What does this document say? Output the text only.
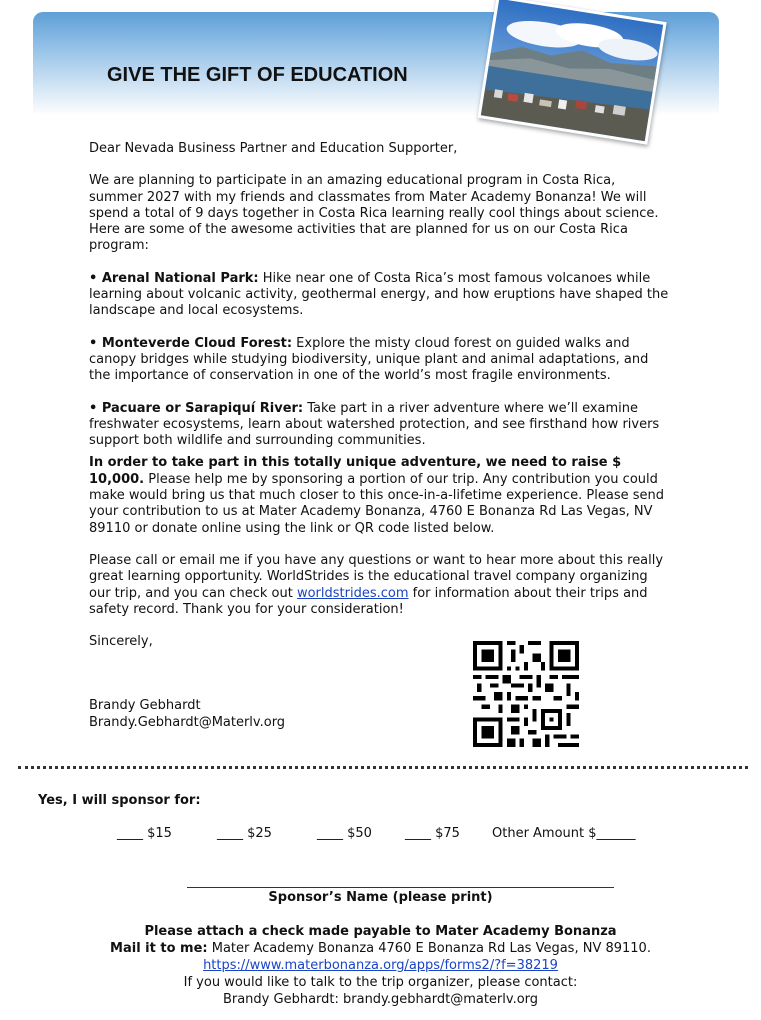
GIVE THE GIFT OF EDUCATION

Dear Nevada Business Partner and Education Supporter,

We are planning to participate in an amazing educational program in Costa Rica, summer 2027 with my friends and classmates from Mater Academy Bonanza! We will spend a total of 9 days together in Costa Rica learning really cool things about science. Here are some of the awesome activities that are planned for us on our Costa Rica program:

• Arenal National Park: Hike near one of Costa Rica’s most famous volcanoes while learning about volcanic activity, geothermal energy, and how eruptions have shaped the landscape and local ecosystems.

• Monteverde Cloud Forest: Explore the misty cloud forest on guided walks and canopy bridges while studying biodiversity, unique plant and animal adaptations, and the importance of conservation in one of the world’s most fragile environments.

• Pacuare or Sarapiquí River: Take part in a river adventure where we’ll examine freshwater ecosystems, learn about watershed protection, and see firsthand how rivers support both wildlife and surrounding communities.

In order to take part in this totally unique adventure, we need to raise $ 10,000. Please help me by sponsoring a portion of our trip. Any contribution you could make would bring us that much closer to this once-in-a-lifetime experience. Please send your contribution to us at Mater Academy Bonanza, 4760 E Bonanza Rd Las Vegas, NV 89110 or donate online using the link or QR code listed below.

Please call or email me if you have any questions or want to hear more about this really great learning opportunity. WorldStrides is the educational travel company organizing our trip, and you can check out worldstrides.com for information about their trips and safety record. Thank you for your consideration!

Sincerely,

Brandy Gebhardt
Brandy.Gebhardt@Materlv.org
Yes, I will sponsor for:
____ $15	____ $25	____ $50	____ $75 Other Amount $______
Sponsor’s Name (please print)
Please attach a check made payable to Mater Academy Bonanza
Mail it to me: Mater Academy Bonanza 4760 E Bonanza Rd Las Vegas, NV 89110.
https://www.materbonanza.org/apps/forms2/?f=38219
If you would like to talk to the trip organizer, please contact:
Brandy Gebhardt: brandy.gebhardt@materlv.org
